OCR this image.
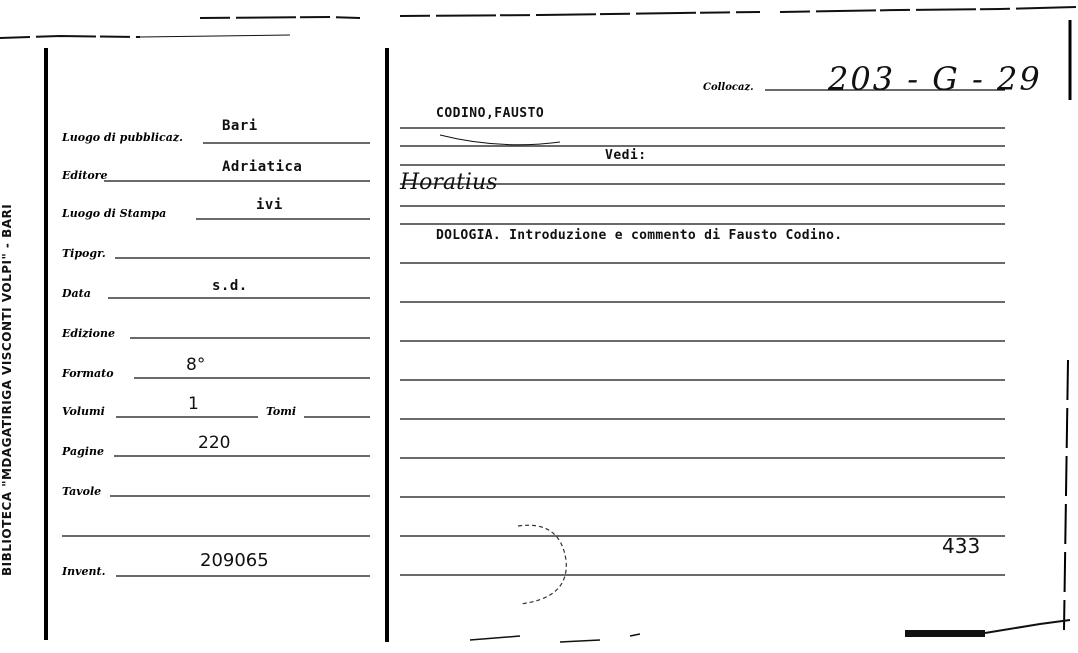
BIBLIOTECA "MDAGATIRIGA VISCONTI VOLPI" - BARI
Collocaz. 203 - G - 29
Luogo di pubblicaz.
Editore
Luogo di Stampa
Tipogr.
Data
Edizione
Formato
Volumi	Tomi
Pagine
Tavole
Invent.
Bari
Adriatica
ivi
s.d.
8°
1
220
209065
CODINO,FAUSTO
Vedi:
Horatius
DOLOGIA. Introduzione e commento di Fausto Codino.
433
